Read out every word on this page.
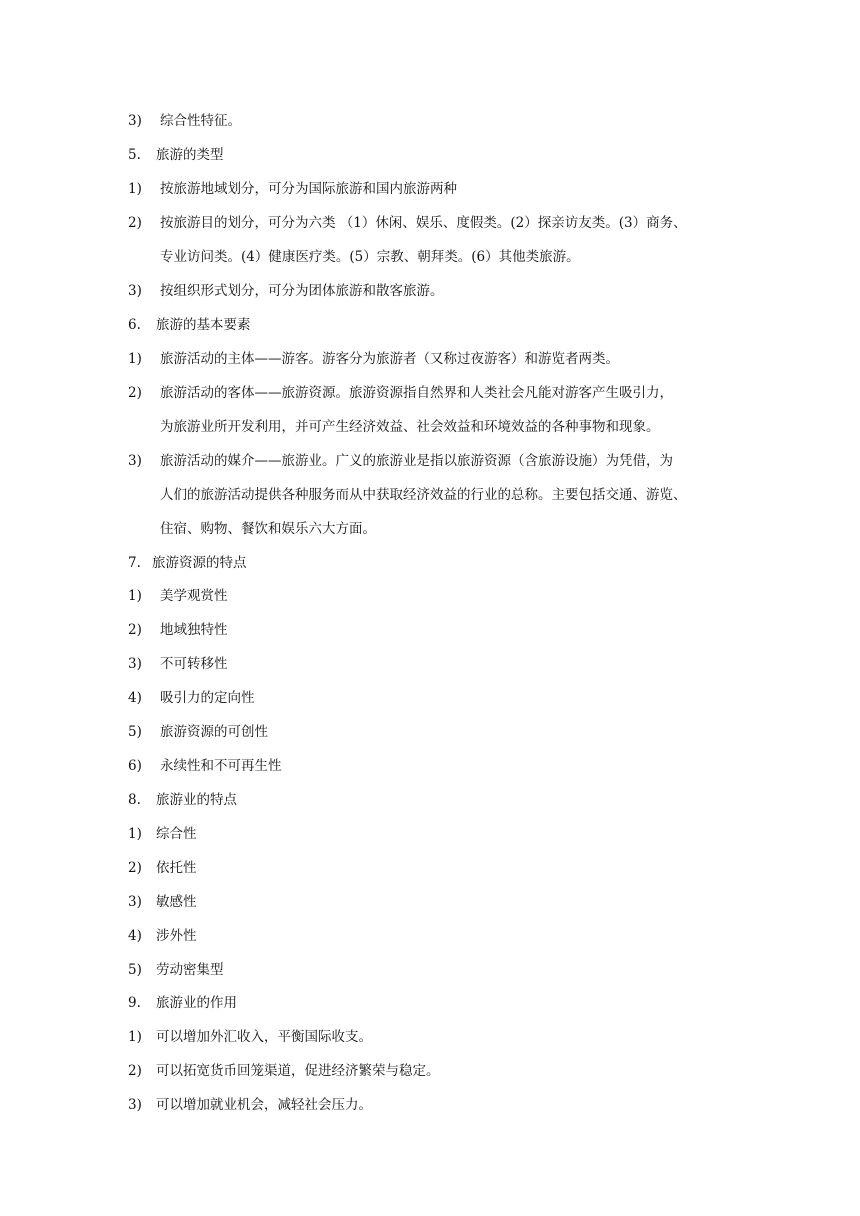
3) 综合性特征。
5. 旅游的类型
1) 按旅游地域划分，可分为国际旅游和国内旅游两种
2) 按旅游目的划分，可分为六类 （1）休闲、娱乐、度假类。(2）探亲访友类。(3）商务、
专业访问类。(4）健康医疗类。(5）宗教、朝拜类。(6）其他类旅游。
3) 按组织形式划分，可分为团体旅游和散客旅游。
6. 旅游的基本要素
1) 旅游活动的主体——游客。游客分为旅游者（又称过夜游客）和游览者两类。
2) 旅游活动的客体——旅游资源。旅游资源指自然界和人类社会凡能对游客产生吸引力，
为旅游业所开发利用，并可产生经济效益、社会效益和环境效益的各种事物和现象。
3) 旅游活动的媒介——旅游业。广义的旅游业是指以旅游资源（含旅游设施）为凭借，为
人们的旅游活动提供各种服务而从中获取经济效益的行业的总称。主要包括交通、游览、
住宿、购物、餐饮和娱乐六大方面。
7. 旅游资源的特点
1) 美学观赏性
2) 地域独特性
3) 不可转移性
4) 吸引力的定向性
5) 旅游资源的可创性
6) 永续性和不可再生性
8. 旅游业的特点
1) 综合性
2) 依托性
3) 敏感性
4) 涉外性
5) 劳动密集型
9. 旅游业的作用
1) 可以增加外汇收入，平衡国际收支。
2) 可以拓宽货币回笼渠道，促进经济繁荣与稳定。
3) 可以增加就业机会，减轻社会压力。
